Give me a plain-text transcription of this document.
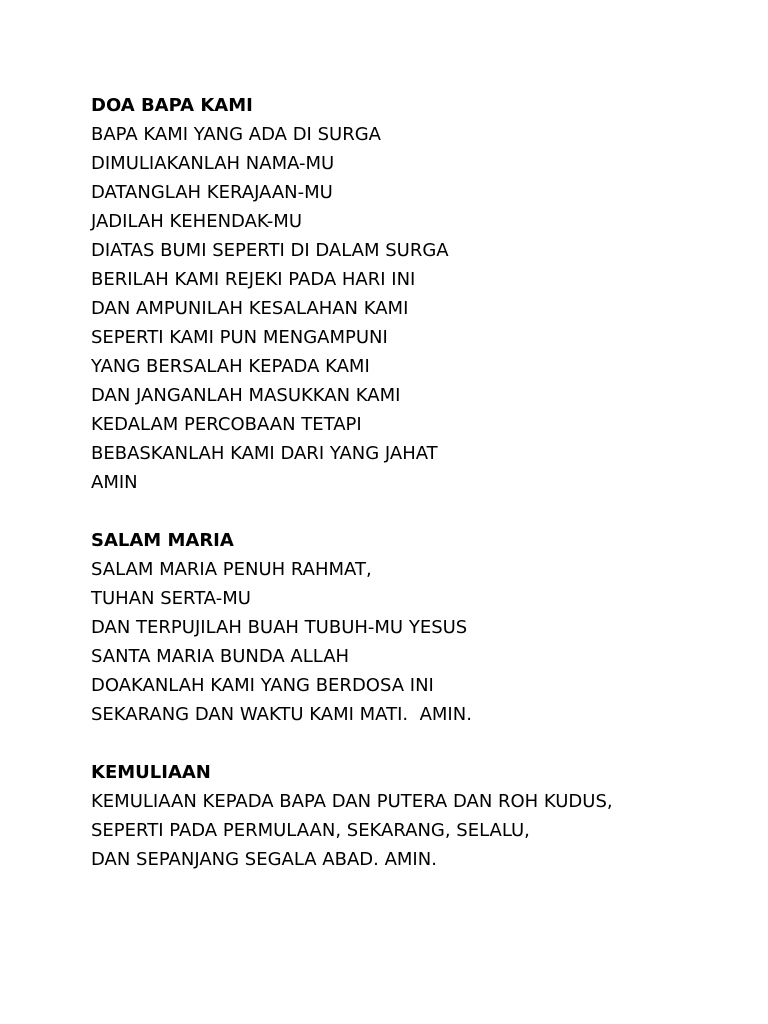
DOA BAPA KAMI
BAPA KAMI YANG ADA DI SURGA
DIMULIAKANLAH NAMA-MU
DATANGLAH KERAJAAN-MU
JADILAH KEHENDAK-MU
DIATAS BUMI SEPERTI DI DALAM SURGA
BERILAH KAMI REJEKI PADA HARI INI
DAN AMPUNILAH KESALAHAN KAMI
SEPERTI KAMI PUN MENGAMPUNI
YANG BERSALAH KEPADA KAMI
DAN JANGANLAH MASUKKAN KAMI
KEDALAM PERCOBAAN TETAPI
BEBASKANLAH KAMI DARI YANG JAHAT
AMIN
SALAM MARIA
SALAM MARIA PENUH RAHMAT,
TUHAN SERTA-MU
DAN TERPUJILAH BUAH TUBUH-MU YESUS
SANTA MARIA BUNDA ALLAH
DOAKANLAH KAMI YANG BERDOSA INI
SEKARANG DAN WAKTU KAMI MATI.  AMIN.
KEMULIAAN
KEMULIAAN KEPADA BAPA DAN PUTERA DAN ROH KUDUS,
SEPERTI PADA PERMULAAN, SEKARANG, SELALU,
DAN SEPANJANG SEGALA ABAD. AMIN.
